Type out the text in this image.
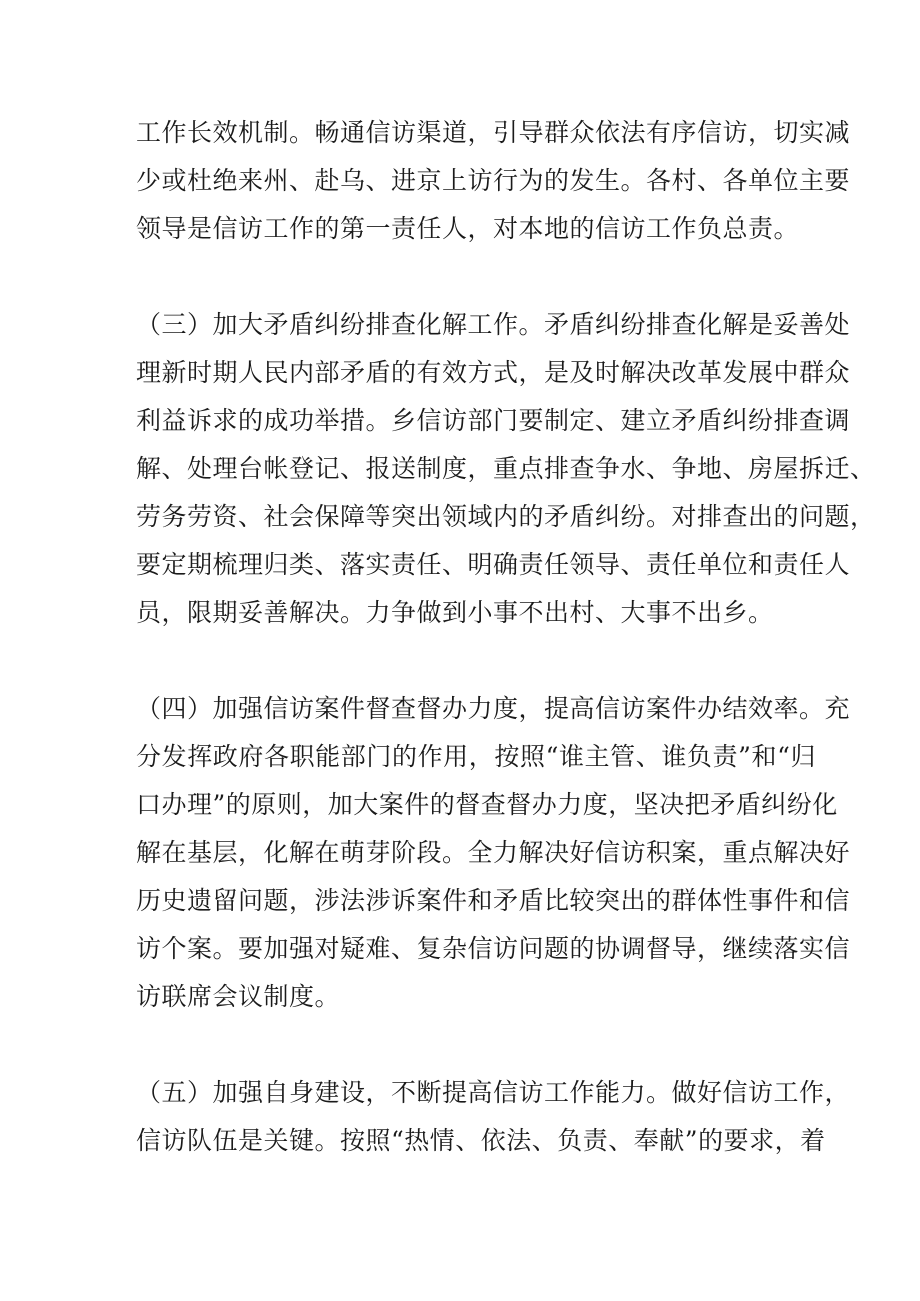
工作长效机制。畅通信访渠道，引导群众依法有序信访，切实减
少或杜绝来州、赴乌、进京上访行为的发生。各村、各单位主要
领导是信访工作的第一责任人，对本地的信访工作负总责。
（三）加大矛盾纠纷排查化解工作。矛盾纠纷排查化解是妥善处
理新时期人民内部矛盾的有效方式，是及时解决改革发展中群众
利益诉求的成功举措。乡信访部门要制定、建立矛盾纠纷排查调
解、处理台帐登记、报送制度，重点排查争水、争地、房屋拆迁、
劳务劳资、社会保障等突出领域内的矛盾纠纷。对排查出的问题，
要定期梳理归类、落实责任、明确责任领导、责任单位和责任人
员，限期妥善解决。力争做到小事不出村、大事不出乡。
（四）加强信访案件督查督办力度，提高信访案件办结效率。充
分发挥政府各职能部门的作用，按照“谁主管、谁负责”和“归
口办理”的原则，加大案件的督查督办力度，坚决把矛盾纠纷化
解在基层，化解在萌芽阶段。全力解决好信访积案，重点解决好
历史遗留问题，涉法涉诉案件和矛盾比较突出的群体性事件和信
访个案。要加强对疑难、复杂信访问题的协调督导，继续落实信
访联席会议制度。
（五）加强自身建设，不断提高信访工作能力。做好信访工作，
信访队伍是关键。按照“热情、依法、负责、奉献”的要求，着
